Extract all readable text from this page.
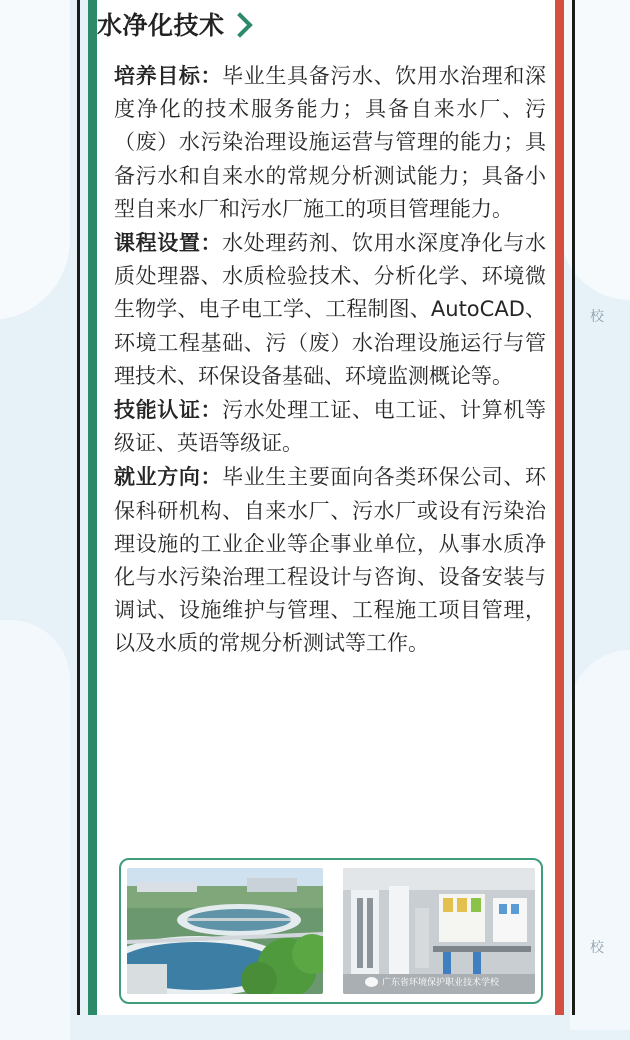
校
校
水净化技术

培养目标：毕业生具备污水、饮用水治理和深度净化的技术服务能力；具备自来水厂、污（废）水污染治理设施运营与管理的能力；具备污水和自来水的常规分析测试能力；具备小型自来水厂和污水厂施工的项目管理能力。

课程设置：水处理药剂、饮用水深度净化与水质处理器、水质检验技术、分析化学、环境微生物学、电子电工学、工程制图、AutoCAD、环境工程基础、污（废）水治理设施运行与管理技术、环保设备基础、环境监测概论等。

技能认证：污水处理工证、电工证、计算机等级证、英语等级证。

就业方向：毕业生主要面向各类环保公司、环保科研机构、自来水厂、污水厂或设有污染治理设施的工业企业等企事业单位，从事水质净化与水污染治理工程设计与咨询、设备安装与调试、设施维护与管理、工程施工项目管理，以及水质的常规分析测试等工作。

广东省环境保护职业技术学校
